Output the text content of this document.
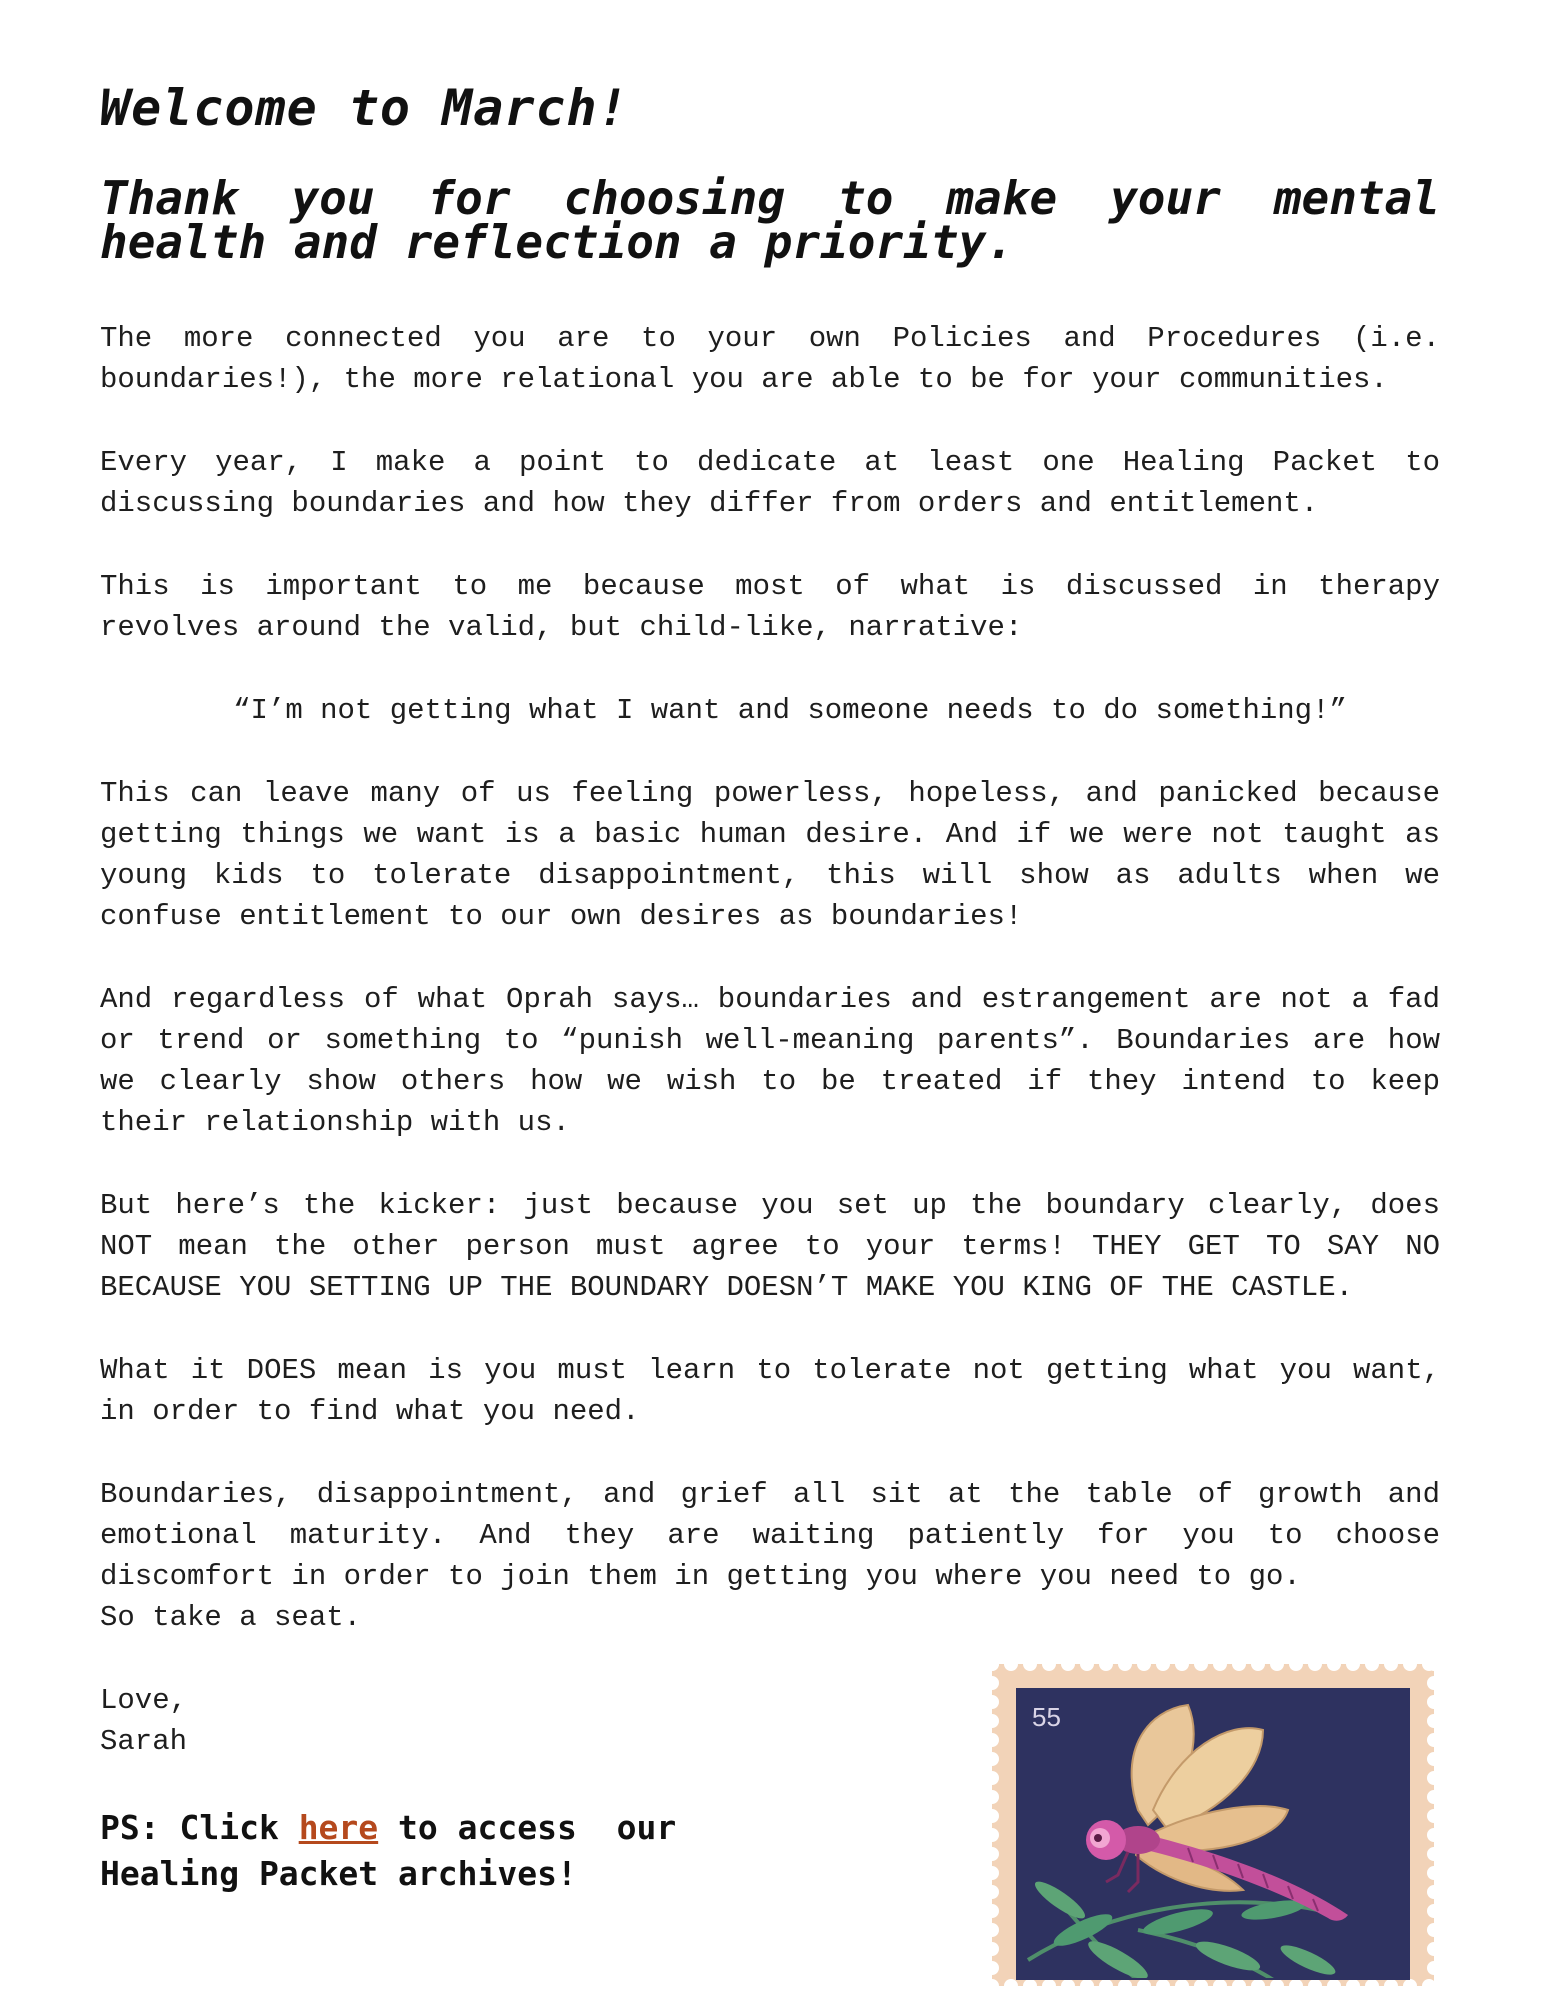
Welcome to March!
Thank you for choosing to make your mental health and reflection a priority.

The more connected you are to your own Policies and Procedures (i.e. boundaries!), the more relational you are able to be for your communities.

Every year, I make a point to dedicate at least one Healing Packet to discussing boundaries and how they differ from orders and entitlement.

This is important to me because most of what is discussed in therapy revolves around the valid, but child-like, narrative:

“I’m not getting what I want and someone needs to do something!”

This can leave many of us feeling powerless, hopeless, and panicked because getting things we want is a basic human desire. And if we were not taught as young kids to tolerate disappointment, this will show as adults when we confuse entitlement to our own desires as boundaries!

And regardless of what Oprah says… boundaries and estrangement are not a fad or trend or something to “punish well-meaning parents”. Boundaries are how we clearly show others how we wish to be treated if they intend to keep their relationship with us.

But here’s the kicker: just because you set up the boundary clearly, does NOT mean the other person must agree to your terms! THEY GET TO SAY NO BECAUSE YOU SETTING UP THE BOUNDARY DOESN’T MAKE YOU KING OF THE CASTLE.

What it DOES mean is you must learn to tolerate not getting what you want, in order to find what you need.

Boundaries, disappointment, and grief all sit at the table of growth and emotional maturity. And they are waiting patiently for you to choose discomfort in order to join them in getting you where you need to go.

So take a seat.

Love,
Sarah
PS: Click here to access  our Healing Packet archives!
55
